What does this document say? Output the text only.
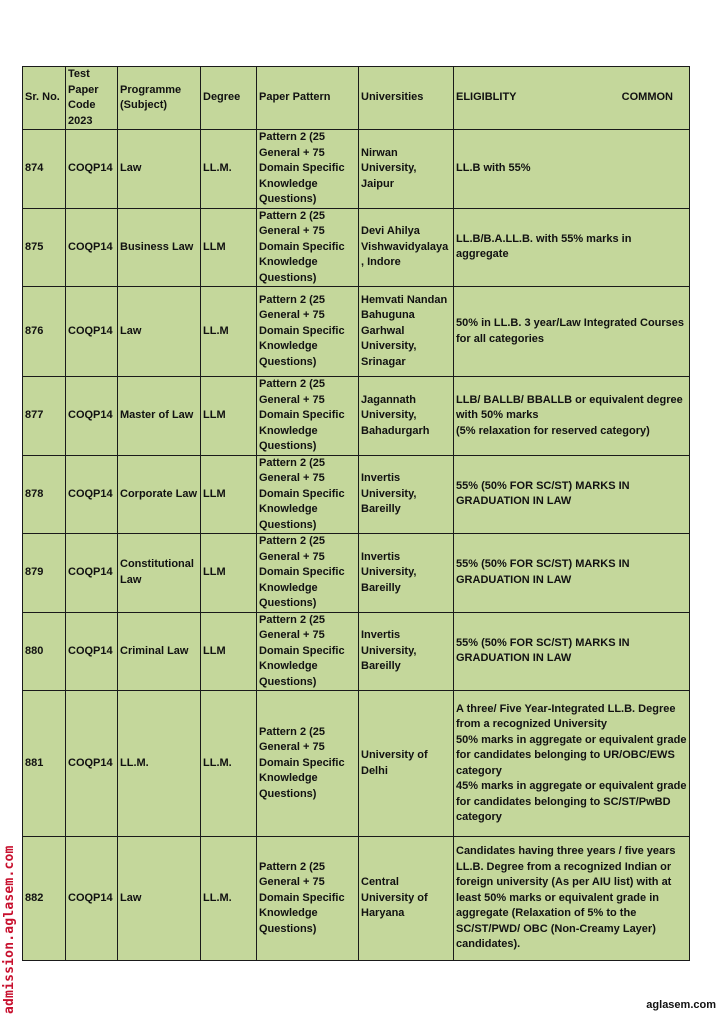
Sr. No.	Test Paper Code 2023	Programme (Subject)	Degree	Paper Pattern	Universities	ELIGIBLITY COMMON

874	COQP14	Law	LL.M.	Pattern 2 (25 General + 75 Domain Specific Knowledge Questions)	Nirwan University, Jaipur	LL.B with 55%
875	COQP14	Business Law	LLM	Pattern 2 (25 General + 75 Domain Specific Knowledge Questions)	Devi Ahilya Vishwavidyalaya, Indore	LL.B/B.A.LL.B. with 55% marks in aggregate
876	COQP14	Law	LL.M	Pattern 2 (25 General + 75 Domain Specific Knowledge Questions)	Hemvati Nandan Bahuguna Garhwal University, Srinagar	50% in LL.B. 3 year/Law Integrated Courses for all categories
877	COQP14	Master of Law	LLM	Pattern 2 (25 General + 75 Domain Specific Knowledge Questions)	Jagannath University, Bahadurgarh	LLB/ BALLB/ BBALLB or equivalent degree with 50% marks
(5% relaxation for reserved category)
878	COQP14	Corporate Law	LLM	Pattern 2 (25 General + 75 Domain Specific Knowledge Questions)	Invertis University, Bareilly	55% (50% FOR SC/ST) MARKS IN GRADUATION IN LAW
879	COQP14	Constitutional Law	LLM	Pattern 2 (25 General + 75 Domain Specific Knowledge Questions)	Invertis University, Bareilly	55% (50% FOR SC/ST) MARKS IN GRADUATION IN LAW
880	COQP14	Criminal Law	LLM	Pattern 2 (25 General + 75 Domain Specific Knowledge Questions)	Invertis University, Bareilly	55% (50% FOR SC/ST) MARKS IN GRADUATION IN LAW
881	COQP14	LL.M.	LL.M.	Pattern 2 (25 General + 75 Domain Specific Knowledge Questions)	University of Delhi	A three/ Five Year-Integrated LL.B. Degree from a recognized University
50% marks in aggregate or equivalent grade for candidates belonging to UR/OBC/EWS category
45% marks in aggregate or equivalent grade for candidates belonging to SC/ST/PwBD category
882	COQP14	Law	LL.M.	Pattern 2 (25 General + 75 Domain Specific Knowledge Questions)	Central University of Haryana	Candidates having three years / five years LL.B. Degree from a recognized Indian or foreign university (As per AIU list) with at least 50% marks or equivalent grade in aggregate (Relaxation of 5% to the SC/ST/PWD/ OBC (Non-Creamy Layer) candidates).
admission.aglasem.com	aglasem.com
